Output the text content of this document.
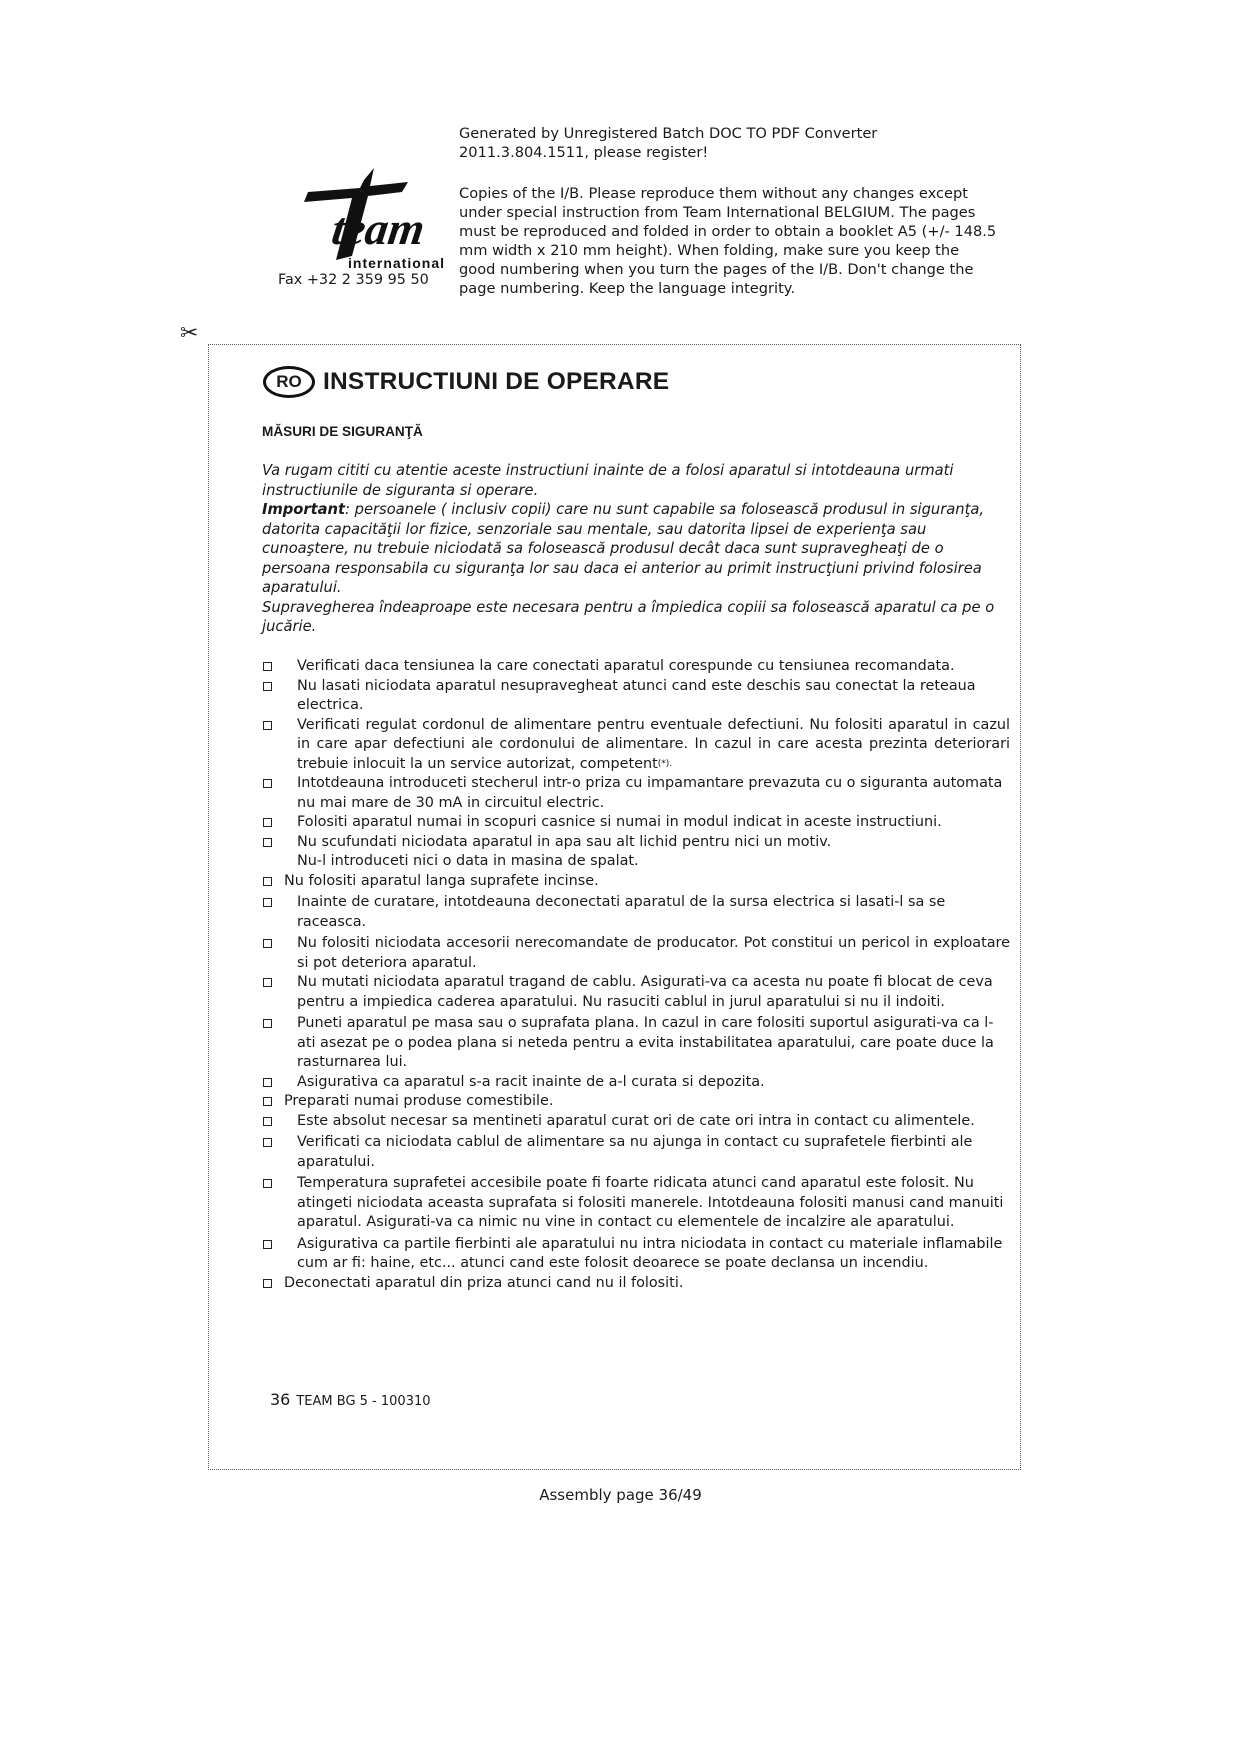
Generated by Unregistered Batch DOC TO PDF Converter 2011.3.804.1511, please register!
Copies of the I/B. Please reproduce them without any changes except under special instruction from Team International BELGIUM. The pages must be reproduced and folded in order to obtain a booklet A5 (+/- 148.5 mm width x 210 mm height). When folding, make sure you keep the good numbering when you turn the pages of the I/B. Don't change the page numbering. Keep the language integrity.
team
international
Fax +32 2 359 95 50
✂
RO INSTRUCTIUNI DE OPERARE
MĂSURI DE SIGURANŢĂ

Va rugam cititi cu atentie aceste instructiuni inainte de a folosi aparatul si intotdeauna urmati instructiunile de siguranta si operare.

Important: persoanele ( inclusiv copii) care nu sunt capabile sa folosească produsul in siguranţa, datorita capacităţii lor fizice, senzoriale sau mentale, sau datorita lipsei de experienţa sau cunoaştere, nu trebuie niciodată sa folosească produsul decât daca sunt supravegheaţi de o persoana responsabila cu siguranţa lor sau daca ei anterior au primit instrucţiuni privind folosirea aparatului.

Supravegherea îndeaproape este necesara pentru a împiedica copiii sa folosească aparatul ca pe o jucărie.

Verificati daca tensiunea la care conectati aparatul corespunde cu tensiunea recomandata.
Nu lasati niciodata aparatul nesupravegheat atunci cand este deschis sau conectat la reteaua electrica.
Verificati regulat cordonul de alimentare pentru eventuale defectiuni. Nu folositi aparatul in cazul in care apar defectiuni ale cordonului de alimentare. In cazul in care acesta prezinta deteriorari trebuie inlocuit la un service autorizat, competent(*).
Intotdeauna introduceti stecherul intr-o priza cu impamantare prevazuta cu o siguranta automata nu mai mare de 30 mA in circuitul electric.
Folositi aparatul numai in scopuri casnice si numai in modul indicat in aceste instructiuni.
Nu scufundati niciodata aparatul in apa sau alt lichid pentru nici un motiv.
Nu-l introduceti nici o data in masina de spalat.
Nu folositi aparatul langa suprafete incinse.
Inainte de curatare, intotdeauna deconectati aparatul de la sursa electrica si lasati-l sa se raceasca.
Nu folositi niciodata accesorii nerecomandate de producator. Pot constitui un pericol in exploatare si pot deteriora aparatul.
Nu mutati niciodata aparatul tragand de cablu. Asigurati-va ca acesta nu poate fi blocat de ceva pentru a impiedica caderea aparatului. Nu rasuciti cablul in jurul aparatului si nu il indoiti.
Puneti aparatul pe masa sau o suprafata plana. In cazul in care folositi suportul asigurati-va ca l-ati asezat pe o podea plana si neteda pentru a evita instabilitatea aparatului, care poate duce la rasturnarea lui.
Asigurativa ca aparatul s-a racit inainte de a-l curata si depozita.
Preparati numai produse comestibile.
Este absolut necesar sa mentineti aparatul curat ori de cate ori intra in contact cu alimentele.
Verificati ca niciodata cablul de alimentare sa nu ajunga in contact cu suprafetele fierbinti ale aparatului.
Temperatura suprafetei accesibile poate fi foarte ridicata atunci cand aparatul este folosit. Nu atingeti niciodata aceasta suprafata si folositi manerele. Intotdeauna folositi manusi cand manuiti aparatul. Asigurati-va ca nimic nu vine in contact cu elementele de incalzire ale aparatului.
Asigurativa ca partile fierbinti ale aparatului nu intra niciodata in contact cu materiale inflamabile cum ar fi: haine, etc... atunci cand este folosit deoarece se poate declansa un incendiu.
Deconectati aparatul din priza atunci cand nu il folositi.
36 TEAM BG 5 - 100310
Assembly page 36/49
